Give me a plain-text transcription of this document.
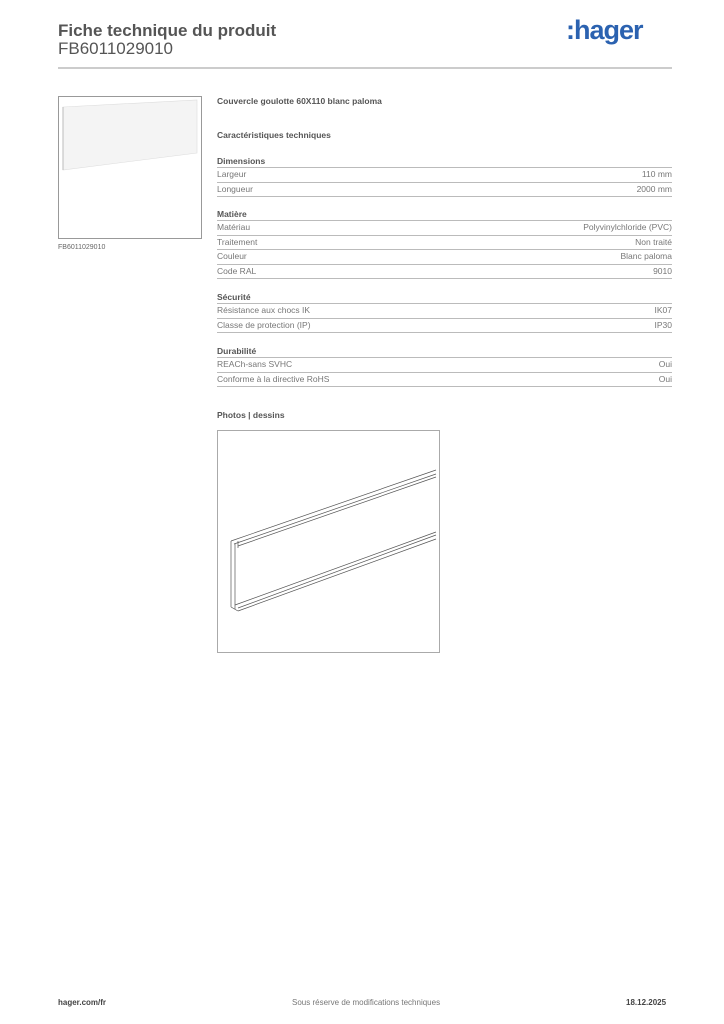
Fiche technique du produit
FB6011029010
:hager
FB6011029010
Couvercle goulotte 60X110 blanc paloma
Caractéristiques techniques
Dimensions
Largeur	110 mm
Longueur	2000 mm
Matière
Matériau	Polyvinylchloride (PVC)
Traitement	Non traité
Couleur	Blanc paloma
Code RAL	9010
Sécurité
Résistance aux chocs IK	IK07
Classe de protection (IP)	IP30
Durabilité
REACh-sans SVHC	Oui
Conforme à la directive RoHS	Oui
Photos | dessins
hager.com/fr	Sous réserve de modifications techniques	18.12.2025
